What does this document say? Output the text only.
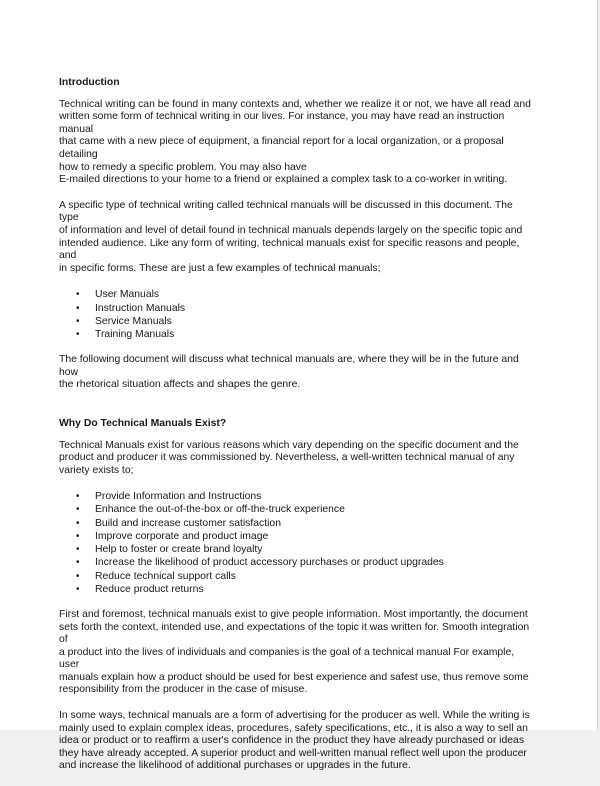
Introduction

Technical writing can be found in many contexts and, whether we realize it or not, we have all read and
written some form of technical writing in our lives. For instance, you may have read an instruction manual
that came with a new piece of equipment, a financial report for a local organization, or a proposal detailing
how to remedy a specific problem. You may also have
E-mailed directions to your home to a friend or explained a complex task to a co-worker in writing.

A specific type of technical writing called technical manuals will be discussed in this document. The type
of information and level of detail found in technical manuals depends largely on the specific topic and
intended audience. Like any form of writing, technical manuals exist for specific reasons and people, and
in specific forms. These are just a few examples of technical manuals;

• User Manuals
• Instruction Manuals
• Service Manuals
• Training Manuals

The following document will discuss what technical manuals are, where they will be in the future and how
the rhetorical situation affects and shapes the genre.

Why Do Technical Manuals Exist?

Technical Manuals exist for various reasons which vary depending on the specific document and the
product and producer it was commissioned by. Nevertheless, a well-written technical manual of any
variety exists to;

• Provide Information and Instructions
• Enhance the out-of-the-box or off-the-truck experience
• Build and increase customer satisfaction
• Improve corporate and product image
• Help to foster or create brand loyalty
• Increase the likelihood of product accessory purchases or product upgrades
• Reduce technical support calls
• Reduce product returns

First and foremost, technical manuals exist to give people information. Most importantly, the document
sets forth the context, intended use, and expectations of the topic it was written for. Smooth integration of
a product into the lives of individuals and companies is the goal of a technical manual For example, user
manuals explain how a product should be used for best experience and safest use, thus remove some
responsibility from the producer in the case of misuse.

In some ways, technical manuals are a form of advertising for the producer as well. While the writing is
mainly used to explain complex ideas, procedures, safety specifications, etc., it is also a way to sell an
idea or product or to reaffirm a user's confidence in the product they have already purchased or ideas
they have already accepted. A superior product and well-written manual reflect well upon the producer
and increase the likelihood of additional purchases or upgrades in the future.
